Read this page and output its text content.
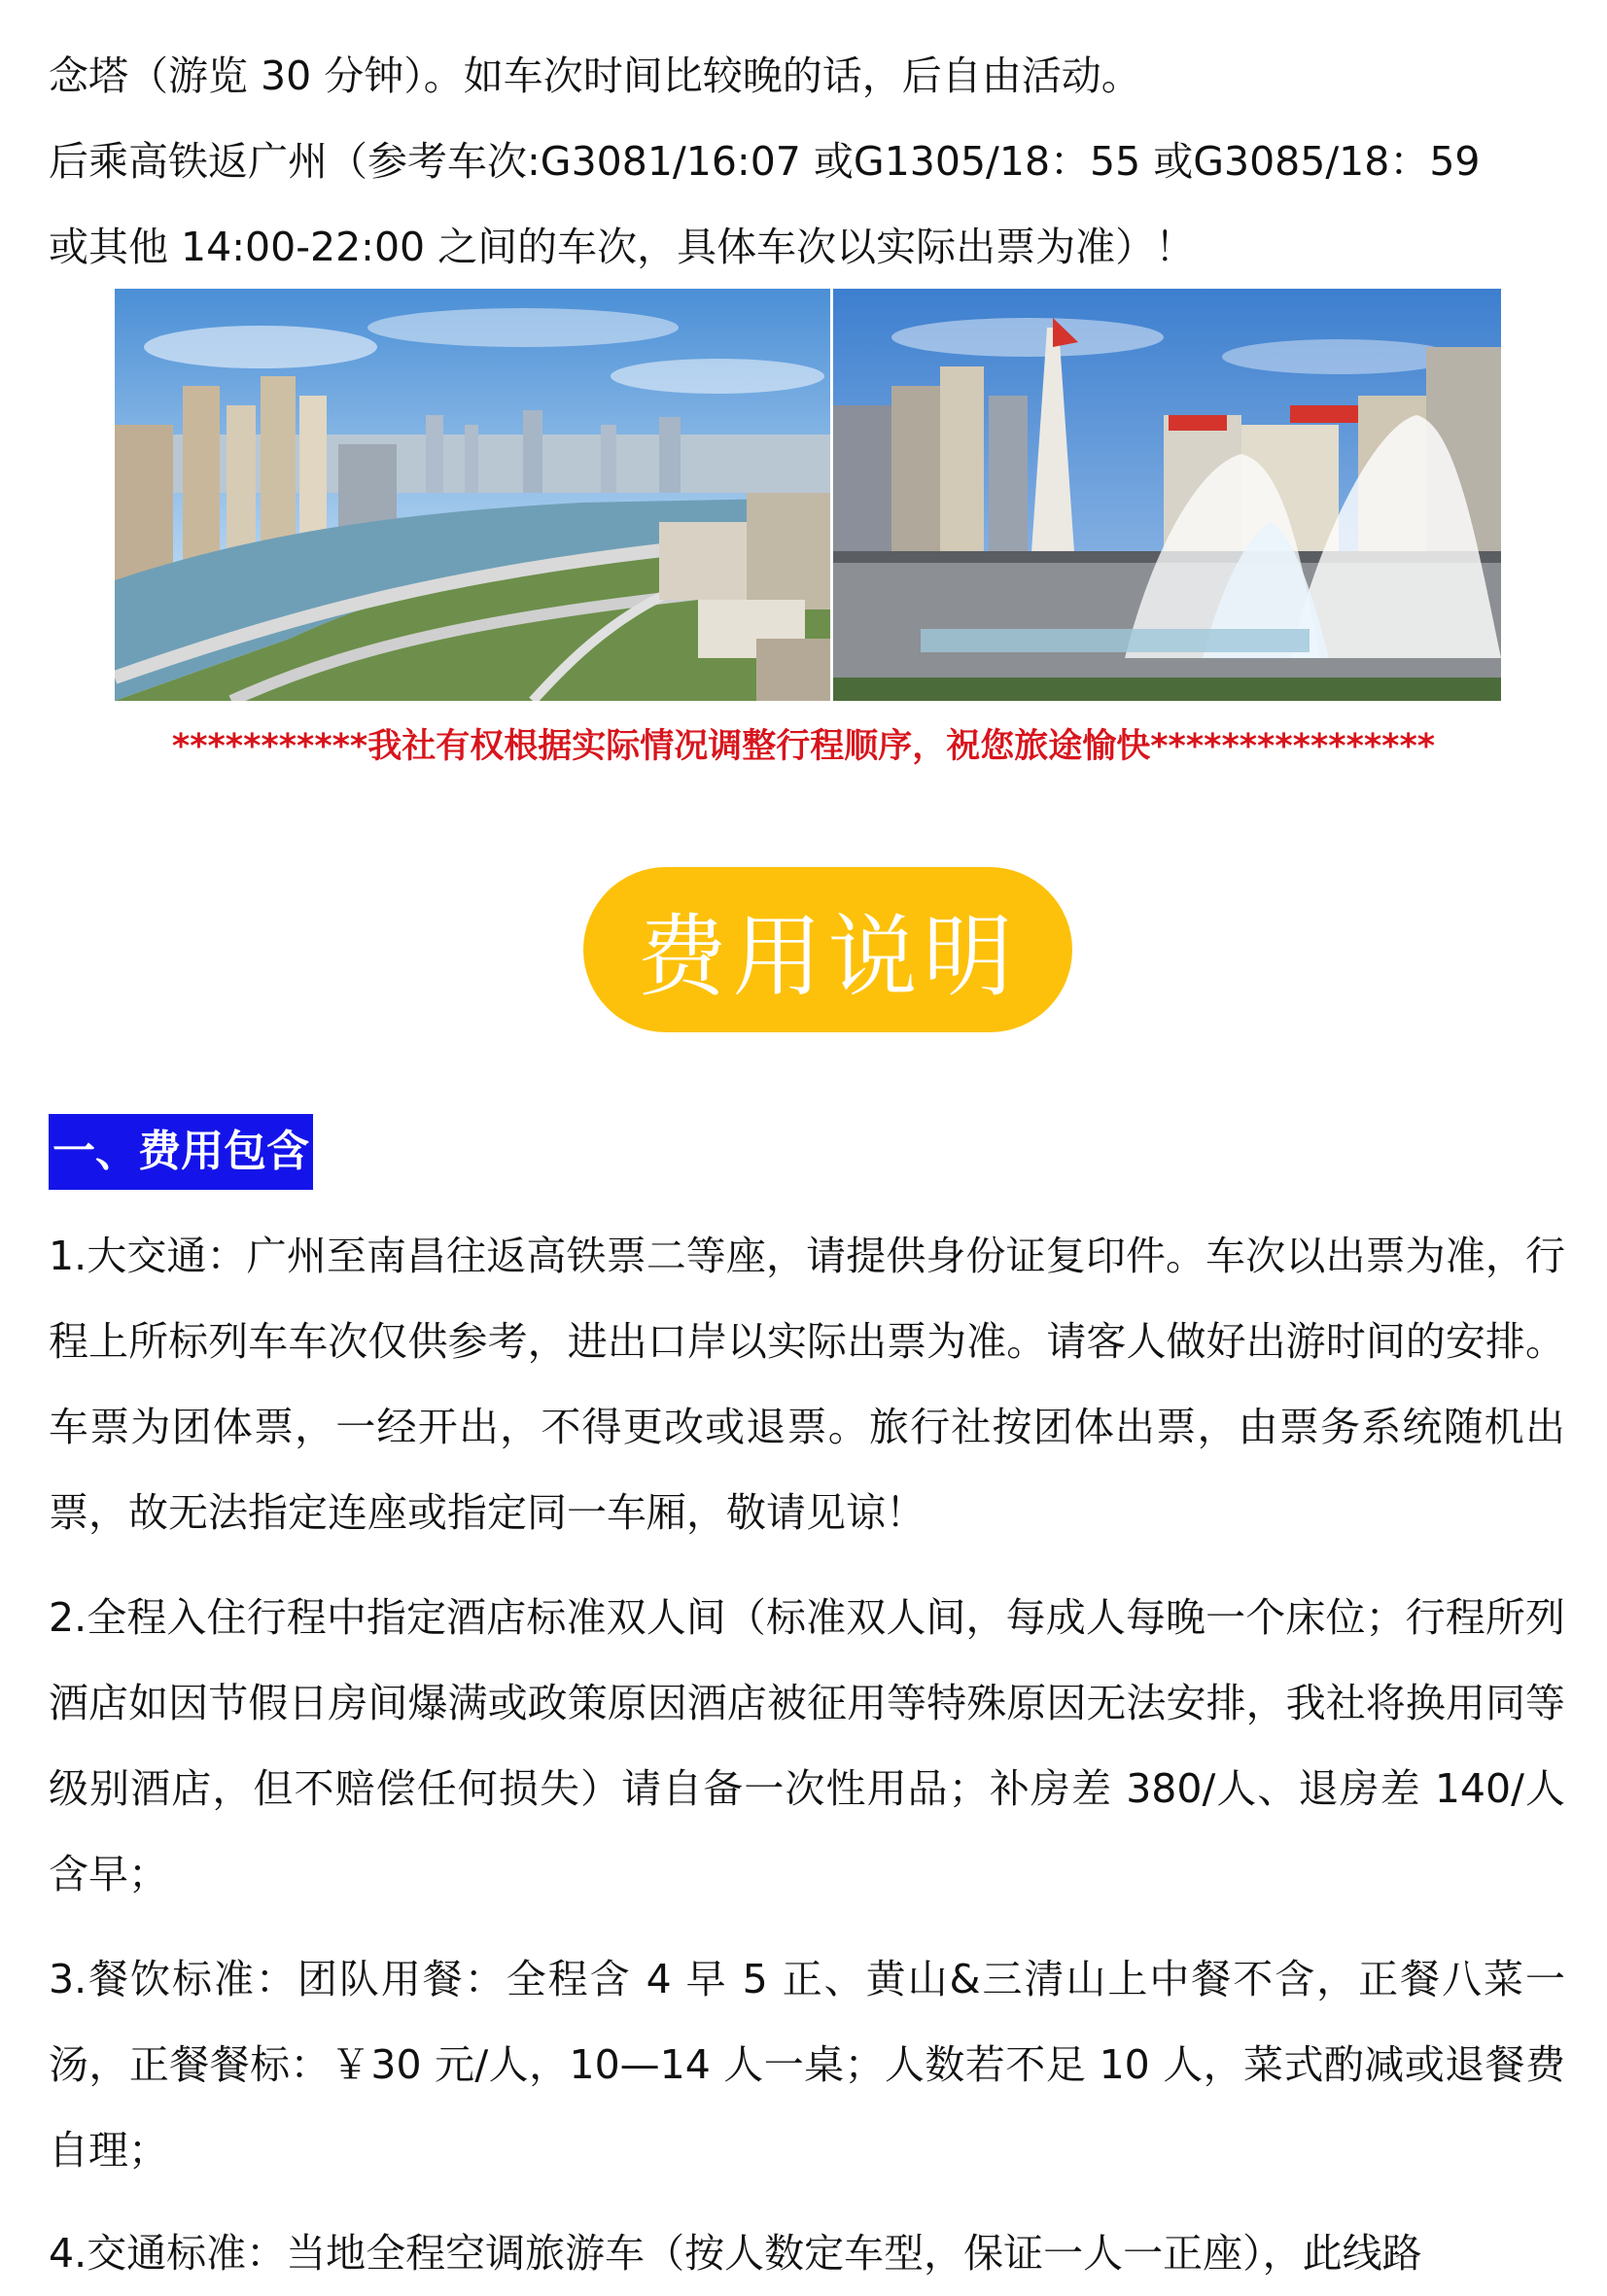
念塔（游览 30 分钟）。如车次时间比较晚的话，后自由活动。

后乘高铁返广州（参考车次:G3081/16:07 或G1305/18：55 或G3085/18：59

或其他 14:00-22:00 之间的车次，具体车次以实际出票为准）！

***********我社有权根据实际情况调整行程顺序，祝您旅途愉快****************
费用说明
一、费用包含

1.大交通：广州至南昌往返高铁票二等座，请提供身份证复印件。车次以出票为准，行程上所标列车车次仅供参考，进出口岸以实际出票为准。请客人做好出游时间的安排。车票为团体票，一经开出，不得更改或退票。旅行社按团体出票，由票务系统随机出票，故无法指定连座或指定同一车厢，敬请见谅！

2.全程入住行程中指定酒店标准双人间（标准双人间，每成人每晚一个床位；行程所列酒店如因节假日房间爆满或政策原因酒店被征用等特殊原因无法安排，我社将换用同等级别酒店，但不赔偿任何损失）请自备一次性用品；补房差 380/人、退房差 140/人含早；

3.餐饮标准：团队用餐：全程含 4 早 5 正、黄山&三清山上中餐不含，正餐八菜一汤，正餐餐标：￥30 元/人，10—14 人一桌；人数若不足 10 人，菜式酌减或退餐费自理；

4.交通标准：当地全程空调旅游车（按人数定车型，保证一人一正座），此线路
